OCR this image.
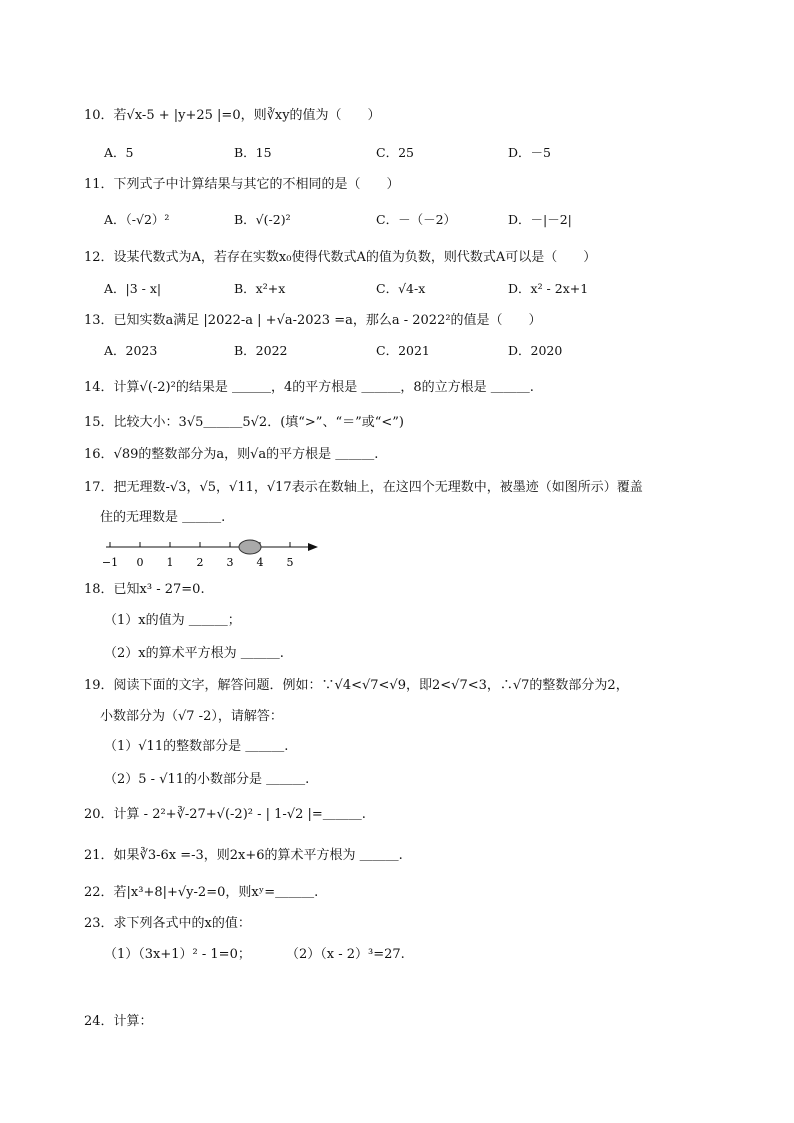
10．若√x-5 + |y+25 |=0，则∛xy的值为（　　）
A．5	B．15	C．25	D．－5
11．下列式子中计算结果与其它的不相同的是（　　）
A．（-√2）²	B．√(-2)²	C．－（－2）	D．－|－2|
12．设某代数式为A，若存在实数x₀使得代数式A的值为负数，则代数式A可以是（　　）
A．|3 - x|	B．x²+x	C．√4-x	D．x² - 2x+1
13．已知实数a满足 |2022-a | +√a-2023 =a，那么a - 2022²的值是（　　）
A．2023	B．2022	C．2021	D．2020
14．计算√(-2)²的结果是 ＿＿＿，4的平方根是 ＿＿＿，8的立方根是 ＿＿＿.
15．比较大小：3√5＿＿＿5√2．(填“>”、“＝”或“<”)
16．√89的整数部分为a，则√a的平方根是 ＿＿＿.
17．把无理数-√3，√5，√11，√17表示在数轴上，在这四个无理数中，被墨迹（如图所示）覆盖
住的无理数是 ＿＿＿.
−1 0 1 2 3 4 5
18．已知x³ - 27=0.
（1）x的值为 ＿＿＿；
（2）x的算术平方根为 ＿＿＿.
19．阅读下面的文字，解答问题．例如：∵√4<√7<√9，即2<√7<3，∴√7的整数部分为2，
小数部分为（√7 -2），请解答：
（1）√11的整数部分是 ＿＿＿.
（2）5 - √11的小数部分是 ＿＿＿.
20．计算 - 2²+∛-27+√(-2)² - | 1-√2 |=＿＿＿.
21．如果∛3-6x =-3，则2x+6的算术平方根为 ＿＿＿.
22．若|x³+8|+√y-2=0，则xʸ=＿＿＿.
23．求下列各式中的x的值：
（1）（3x+1）² - 1=0；	（2）（x - 2）³=27.
24．计算：
